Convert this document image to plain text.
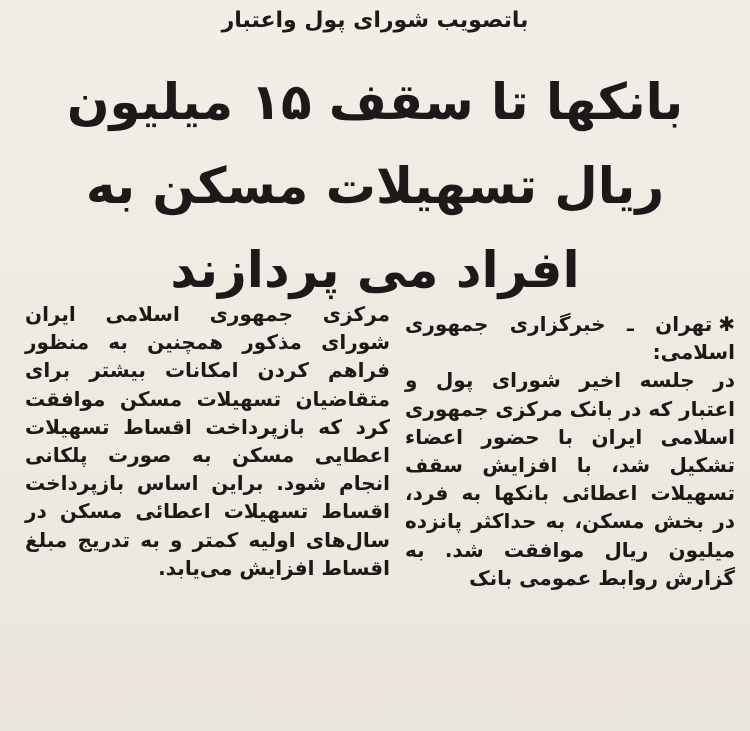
باتصویب شورای پول واعتبار
بانکها تا سقف ۱۵ میلیون ریال تسهیلات مسکن به افراد می پردازند

✱تهران ـ خبرگزاری جمهوری اسلامی:

در جلسه اخیر شورای پول و اعتبار که در بانک مرکزی جمهوری اسلامی ایران با حضور اعضاء تشکیل شد، با افزایش سقف تسهیلات اعطائی بانکها به فرد، در بخش مسکن، به حداکثر پانزده میلیون ریال موافقت شد. به گزارش روابط عمومی بانک

مرکزی جمهوری اسلامی ایران شورای مذکور همچنین به منظور فراهم کردن امکانات بیشتر برای متقاضیان تسهیلات مسکن موافقت کرد که بازپرداخت اقساط تسهیلات اعطایی مسکن به صورت پلکانی انجام شود. براین اساس بازپرداخت اقساط تسهیلات اعطائی مسکن در سال‌های اولیه کمتر و به تدریج مبلغ اقساط افزایش می‌یابد.
